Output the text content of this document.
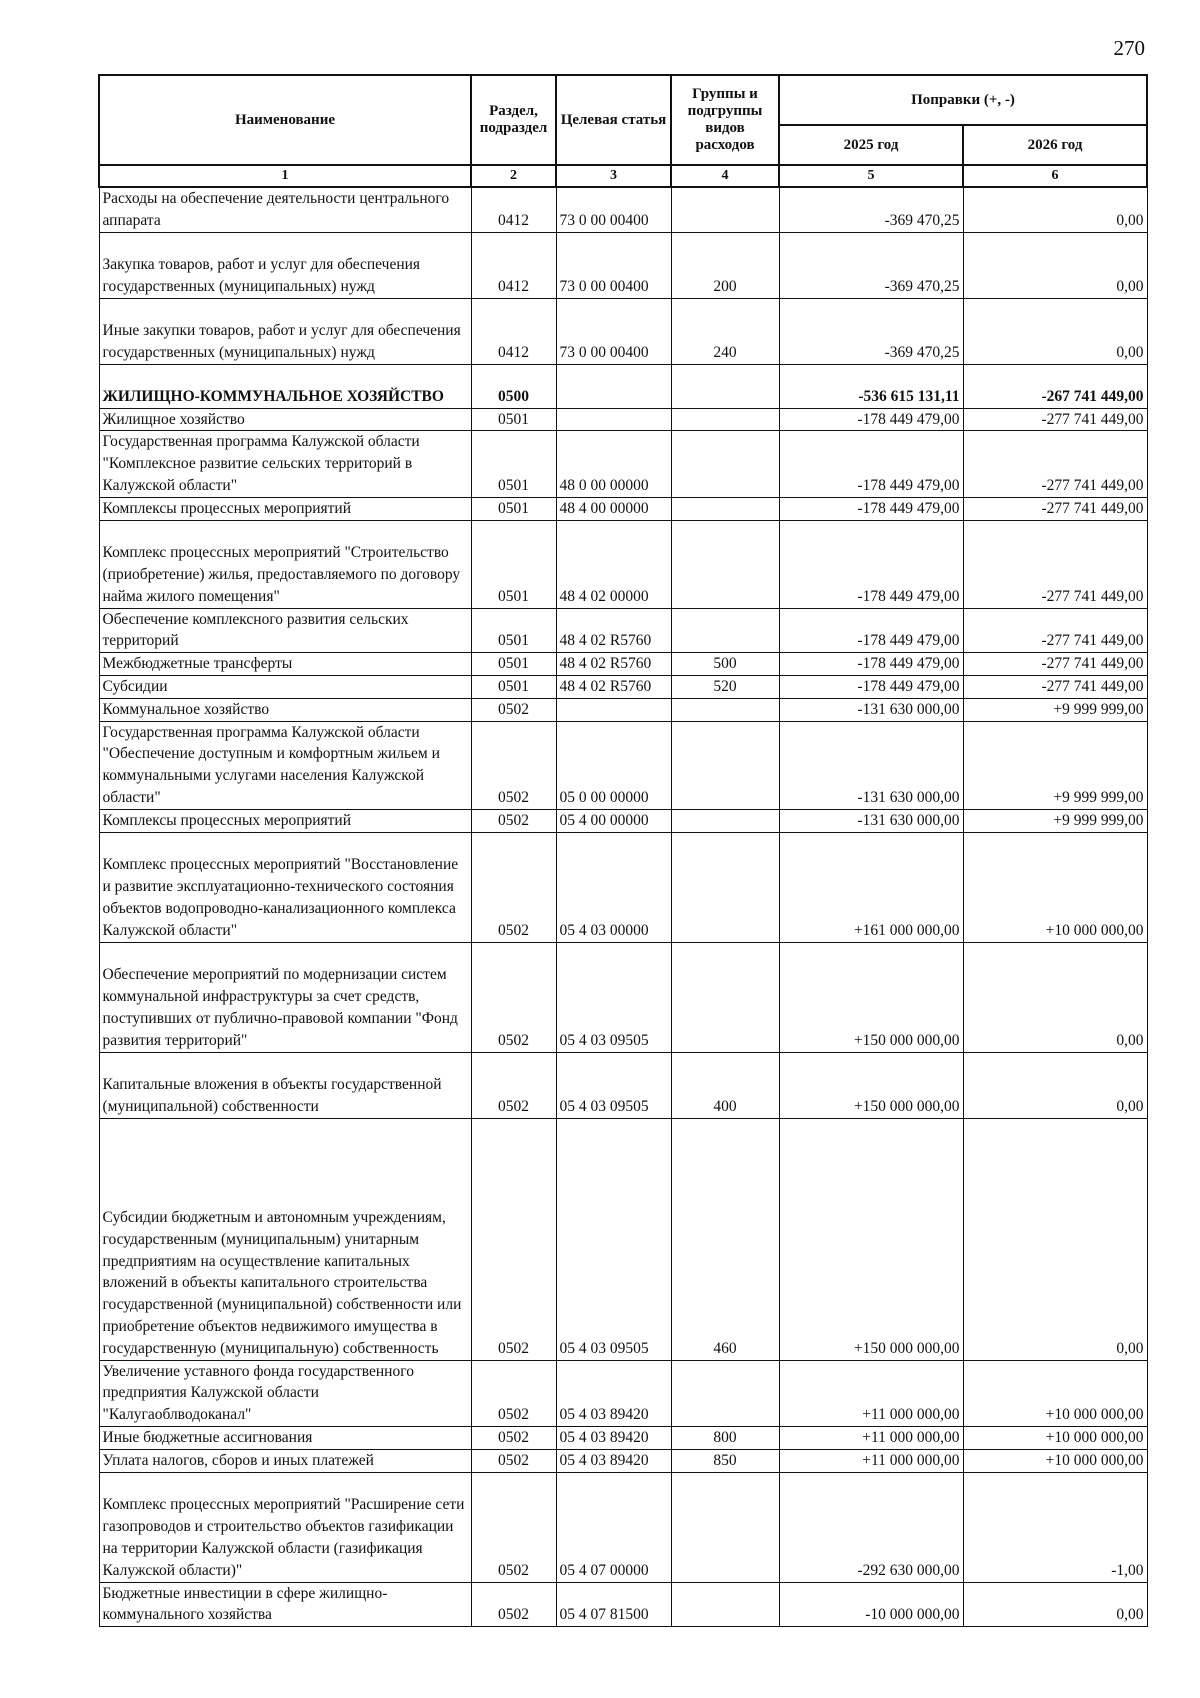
270
Наименование	Раздел, подраздел	Целевая статья	Группы и подгруппы видов расходов	Поправки (+, -)	
				2025 год	2026 год
1	2	3	4	5	6
Расходы на обеспечение деятельности центрального аппарата	0412	73 0 00 00400		-369 470,25	0,00
Закупка товаров, работ и услуг для обеспечения государственных (муниципальных) нужд	0412	73 0 00 00400	200	-369 470,25	0,00
Иные закупки товаров, работ и услуг для обеспечения государственных (муниципальных) нужд	0412	73 0 00 00400	240	-369 470,25	0,00
ЖИЛИЩНО-КОММУНАЛЬНОЕ ХОЗЯЙСТВО	0500			-536 615 131,11	-267 741 449,00
Жилищное хозяйство	0501			-178 449 479,00	-277 741 449,00
Государственная программа Калужской области "Комплексное развитие сельских территорий в Калужской области"	0501	48 0 00 00000		-178 449 479,00	-277 741 449,00
Комплексы процессных мероприятий	0501	48 4 00 00000		-178 449 479,00	-277 741 449,00
Комплекс процессных мероприятий "Строительство (приобретение) жилья, предоставляемого по договору найма жилого помещения"	0501	48 4 02 00000		-178 449 479,00	-277 741 449,00
Обеспечение комплексного развития сельских территорий	0501	48 4 02 R5760		-178 449 479,00	-277 741 449,00
Межбюджетные трансферты	0501	48 4 02 R5760	500	-178 449 479,00	-277 741 449,00
Субсидии	0501	48 4 02 R5760	520	-178 449 479,00	-277 741 449,00
Коммунальное хозяйство	0502			-131 630 000,00	+9 999 999,00
Государственная программа Калужской области "Обеспечение доступным и комфортным жильем и коммунальными услугами населения Калужской области"	0502	05 0 00 00000		-131 630 000,00	+9 999 999,00
Комплексы процессных мероприятий	0502	05 4 00 00000		-131 630 000,00	+9 999 999,00
Комплекс процессных мероприятий "Восстановление и развитие эксплуатационно-технического состояния объектов водопроводно-канализационного комплекса Калужской области"	0502	05 4 03 00000		+161 000 000,00	+10 000 000,00
Обеспечение мероприятий по модернизации систем коммунальной инфраструктуры за счет средств, поступивших от публично-правовой компании "Фонд развития территорий"	0502	05 4 03 09505		+150 000 000,00	0,00
Капитальные вложения в объекты государственной (муниципальной) собственности	0502	05 4 03 09505	400	+150 000 000,00	0,00
Субсидии бюджетным и автономным учреждениям, государственным (муниципальным) унитарным предприятиям на осуществление капитальных вложений в объекты капитального строительства государственной (муниципальной) собственности или приобретение объектов недвижимого имущества в государственную (муниципальную) собственность	0502	05 4 03 09505	460	+150 000 000,00	0,00
Увеличение уставного фонда государственного предприятия Калужской области "Калугаоблводоканал"	0502	05 4 03 89420		+11 000 000,00	+10 000 000,00
Иные бюджетные ассигнования	0502	05 4 03 89420	800	+11 000 000,00	+10 000 000,00
Уплата налогов, сборов и иных платежей	0502	05 4 03 89420	850	+11 000 000,00	+10 000 000,00
Комплекс процессных мероприятий "Расширение сети газопроводов и строительство объектов газификации на территории Калужской области (газификация Калужской области)"	0502	05 4 07 00000		-292 630 000,00	-1,00
Бюджетные инвестиции в сфере жилищно-коммунального хозяйства	0502	05 4 07 81500		-10 000 000,00	0,00
